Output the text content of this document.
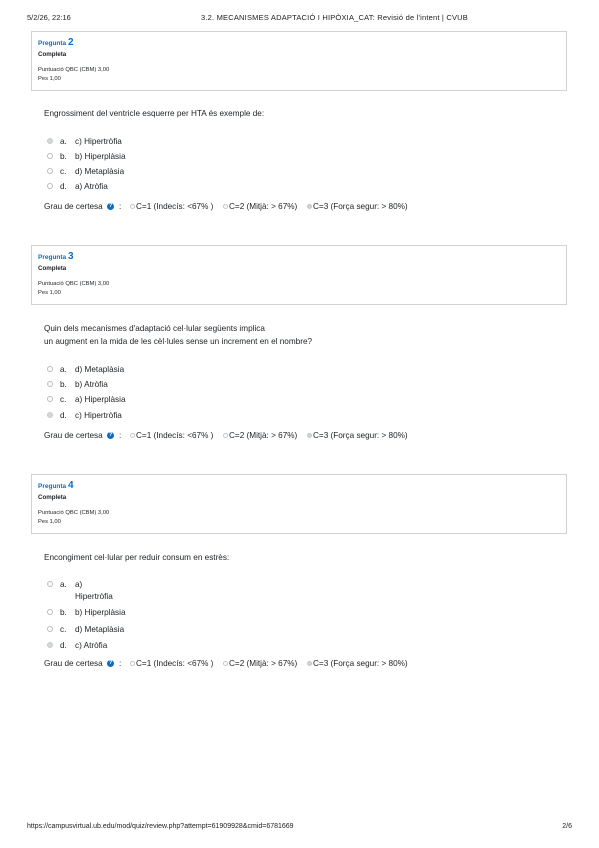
5/2/26, 22:16	3.2. MECANISMES ADAPTACIÓ I HIPÒXIA_CAT: Revisió de l'intent | CVUB
Pregunta 2
Completa
Puntuació QBC (CBM) 3,00
Pes 1,00
Engrossiment del ventricle esquerre per HTA és exemple de:
a. c) Hipertròfia
b. b) Hiperplàsia
c. d) Metaplàsia
d. a) Atròfia
Grau de certesa	? : C=1 (Indecís: <67% ) C=2 (Mitjà: > 67%) C=3 (Força segur: > 80%)
Pregunta 3
Completa
Puntuació QBC (CBM) 3,00
Pes 1,00
Quin dels mecanismes d'adaptació cel·lular següents implica
un augment en la mida de les cèl·lules sense un increment en el nombre?
a. d) Metaplàsia
b. b) Atròfia
c. a) Hiperplàsia
d. c) Hipertròfia
Grau de certesa	? : C=1 (Indecís: <67% ) C=2 (Mitjà: > 67%) C=3 (Força segur: > 80%)
Pregunta 4
Completa
Puntuació QBC (CBM) 3,00
Pes 1,00
Encongiment cel·lular per reduir consum en estrès:
a. a)
Hipertròfia
b. b) Hiperplàsia
c. d) Metaplàsia
d. c) Atròfia
Grau de certesa	? : C=1 (Indecís: <67% ) C=2 (Mitjà: > 67%) C=3 (Força segur: > 80%)
https://campusvirtual.ub.edu/mod/quiz/review.php?attempt=61909928&cmid=6781669	2/6
